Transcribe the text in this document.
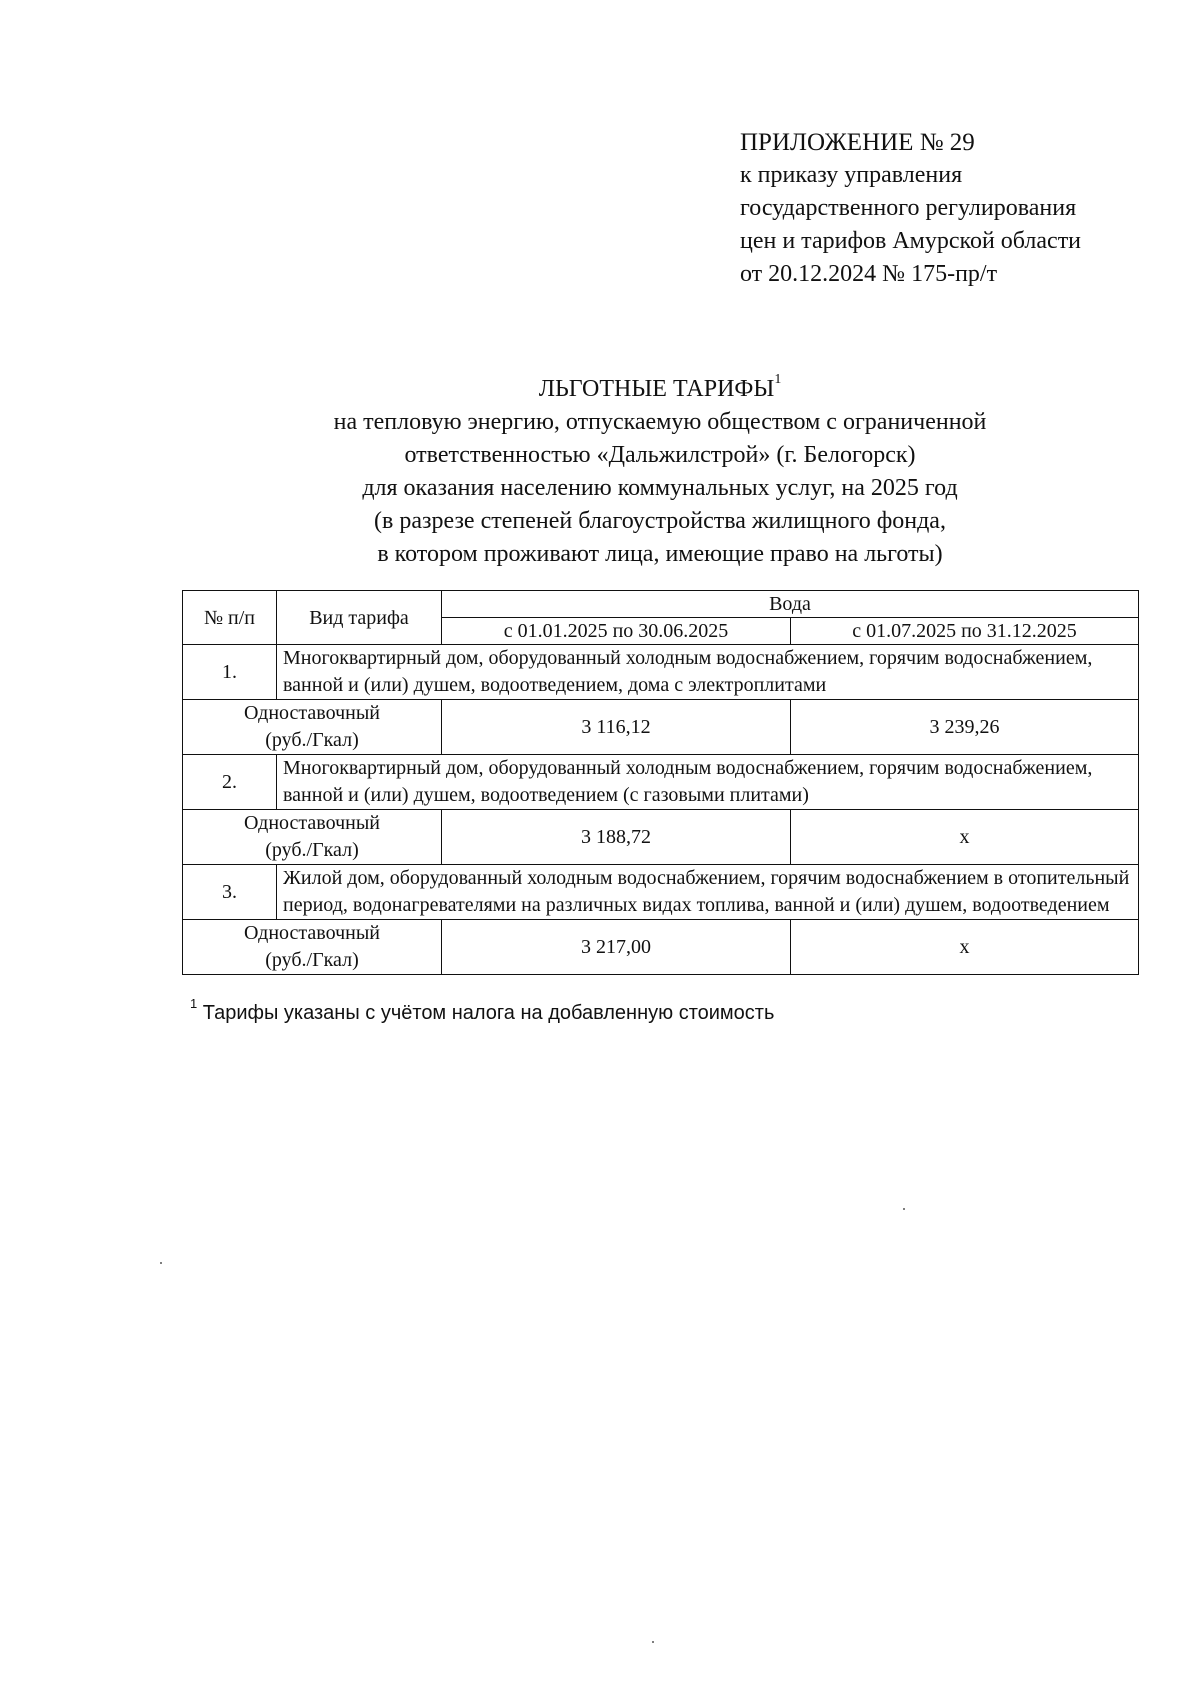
ПРИЛОЖЕНИЕ № 29
к приказу управления
государственного регулирования
цен и тарифов Амурской области
от 20.12.2024 № 175-пр/т
ЛЬГОТНЫЕ ТАРИФЫ$^1$
на тепловую энергию, отпускаемую обществом с ограниченной
ответственностью «Дальжилстрой» (г. Белогорск)
для оказания населению коммунальных услуг, на 2025 год
(в разрезе степеней благоустройства жилищного фонда,
в котором проживают лица, имеющие право на льготы)
№ п/п	Вид тарифа	Вода	
		с 01.01.2025 по 30.06.2025	с 01.07.2025 по 31.12.2025
1.	Многоквартирный дом, оборудованный холодным водоснабжением, горячим водоснабжением, ванной и (или) душем, водоотведением, дома с электроплитами		

Одноставочный
(руб./Гкал)		3 116,12	3 239,26
2.	Многоквартирный дом, оборудованный холодным водоснабжением, горячим водоснабжением, ванной и (или) душем, водоотведением (с газовыми плитами)		

Одноставочный
(руб./Гкал)		3 188,72	х
3.	Жилой дом, оборудованный холодным водоснабжением, горячим водоснабжением в отопительный период, водонагревателями на различных видах топлива, ванной и (или) душем, водоотведением		

Одноставочный
(руб./Гкал)		3 217,00	х
$^1$ Тарифы указаны с учётом налога на добавленную стоимость
